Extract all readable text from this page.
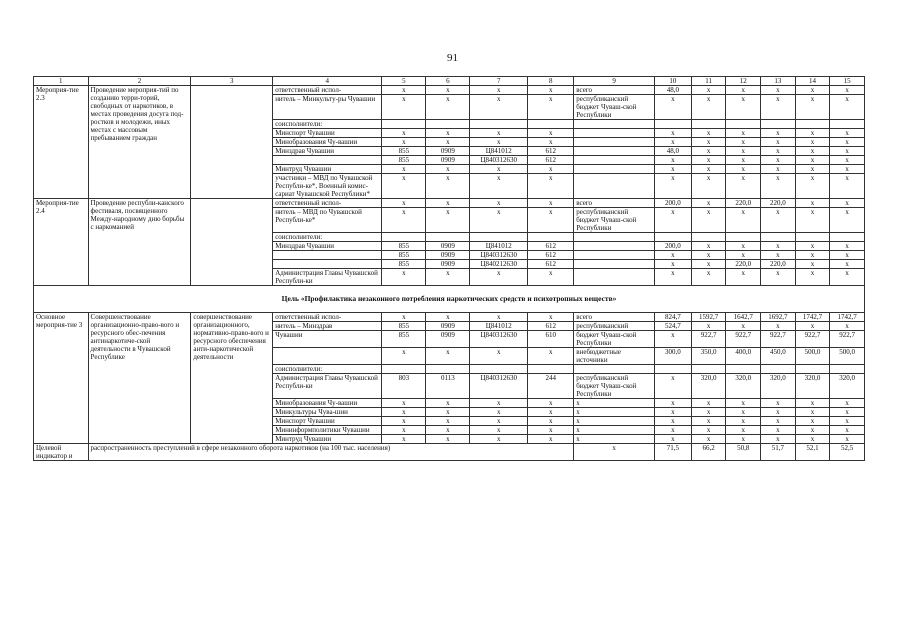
91
1	2	3	4	5	6	7	8	9	10	11	12	13	14	15
Мероприя-тие 2.3	Проведение мероприя-тий по созданию терри-торий, свободных от наркотиков, в местах проведения досуга под-ростков и молодежи, иных местах с массовым пребыванием граждан		ответственный испол-	x	x	x	x	всего	48,0	x	x	x	x	x
			нитель – Минкульту-ры Чувашии	x	x	x	x	республиканский бюджет Чуваш-ской Республики	x	x	x	x	x	x
			соисполнители:											
			Минспорт Чувашии	x	x	x	x		x	x	x	x	x	x
			Минобразования Чу-вашии	x	x	x	x		x	x	x	x	x	x
			Минздрав Чувашии	855	0909	Ц841012	612		48,0	x	x	x	x	x
				855	0909	Ц840312630	612		x	x	x	x	x	x
			Минтруд Чувашии	x	x	x	x		x	x	x	x	x	x
			участники – МВД по Чувашской Республи-ке*, Военный комис-сариат Чувашской Республики*	x	x	x	x		x	x	x	x	x	x
Мероприя-тие 2.4	Проведение республи-канского фестиваля, посвященного Между-народному дню борьбы с наркоманией		ответственный испол-	x	x	x	x	всего	200,0	x	220,0	220,0	x	x
			нитель – МВД по Чувашской Республи-ке*	x	x	x	x	республиканский бюджет Чуваш-ской Республики	x	x	x	x	x	x
			соисполнители:											
			Минздрав Чувашии	855	0909	Ц841012	612		200,0	x	x	x	x	x
				855	0909	Ц840312630	612		x	x	x	x	x	x
				855	0909	Ц840212630	612		x	x	220,0	220,0	x	x
			Администрация Главы Чувашской Республи-ки	x	x	x	x		x	x	x	x	x	x
Цель «Профилактика незаконного потребления наркотических средств и психотропных веществ»														
Основное меропрня-тие 3	Совершенствование организационно-право-вого и ресурсного обес-печения антинаркотиче-ской деятельности в Чувашской Республике	совершенствование организационного, нормативно-право-вого и ресурсного обеспечения анти-наркотической деятельности	ответственный испол-	x	x	x	x	всего	824,7	1592,7	1642,7	1692,7	1742,7	1742,7
			нитель – Минздрав	855	0909	Ц841012	612	республиканский	524,7	x	x	x	x	x
			Чувашии	855	0909	Ц840312630	610	бюджет Чуваш-ской Республики	x	922,7	922,7	922,7	922,7	922,7
				x	x	x	x	внебюджетные источники	300,0	350,0	400,0	450,0	500,0	500,0
			соисполнители:											
			Администрация Главы Чувашской Республи-ки	803	0113	Ц840312630	244	республиканский бюджет Чуваш-ской Республики	x	320,0	320,0	320,0	320,0	320,0
			Минобразования Чу-вашии	x	x	x	x	x	x	x	x	x	x	x
			Минкультуры Чува-шии	x	x	x	x	x	x	x	x	x	x	x
			Минспорт Чувашии	x	x	x	x	x	x	x	x	x	x	x
			Мининформполитики Чувашии	x	x	x	x	x	x	x	x	x	x	x
			Минтруд Чувашии	x	x	x	x	x	x	x	x	x	x	x
Целевой индикатор и	распространенность преступлений в сфере незаконного оборота наркотиков (на 100 тыс. населения)							x	71,5	66,2	50,8	51,7	52,1	52,5
